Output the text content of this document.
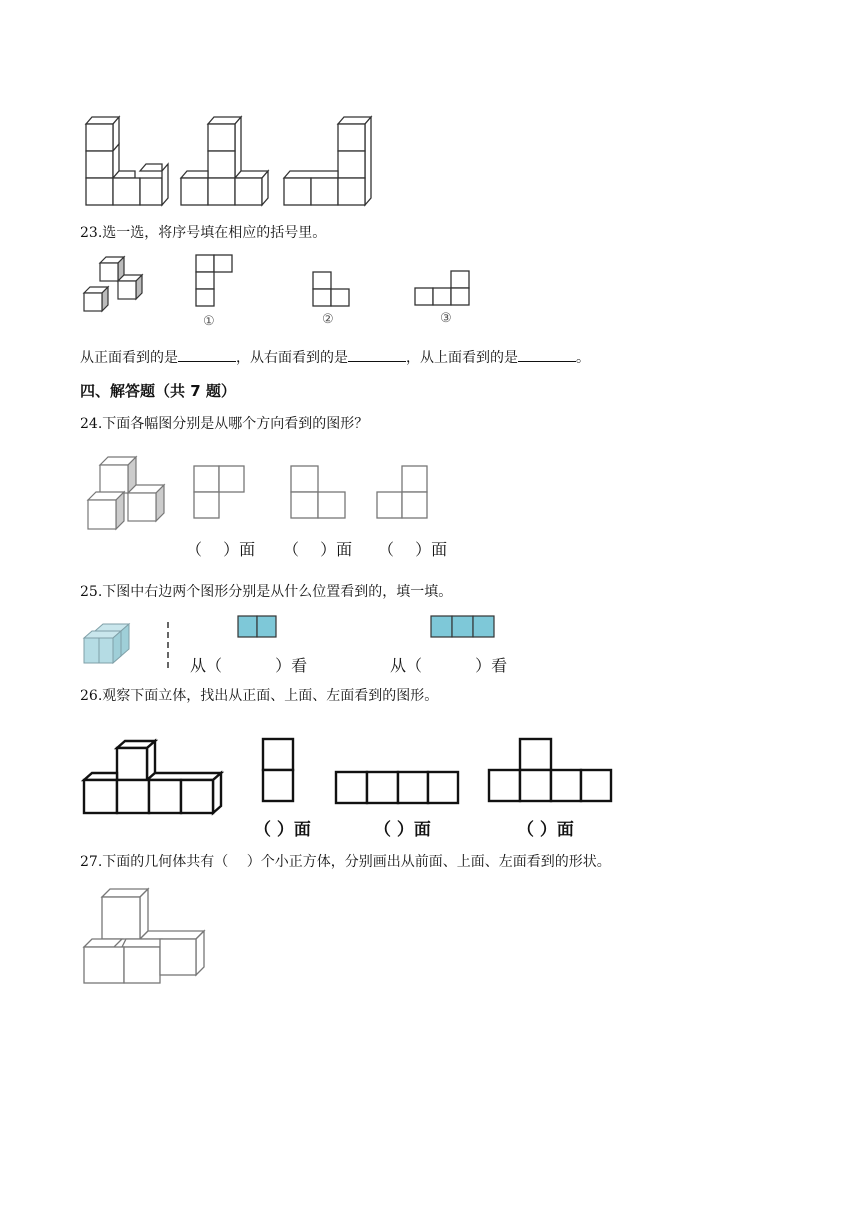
23.选一选，将序号填在相应的括号里。
①	②	③
从正面看到的是	，从右面看到的是	，从上面看到的是	。
四、解答题（共 7 题）
24.下面各幅图分别是从哪个方向看到的图形？
（　 ）面 （　 ）面 （　 ）面
25.下图中右边两个图形分别是从什么位置看到的，填一填。
从（　　　 ）看	从（　　　 ）看
26.观察下面立体，找出从正面、上面、左面看到的图形。
（ ）面	（ ）面	（ ）面
27.下面的几何体共有（　 ）个小正方体，分别画出从前面、上面、左面看到的形状。
